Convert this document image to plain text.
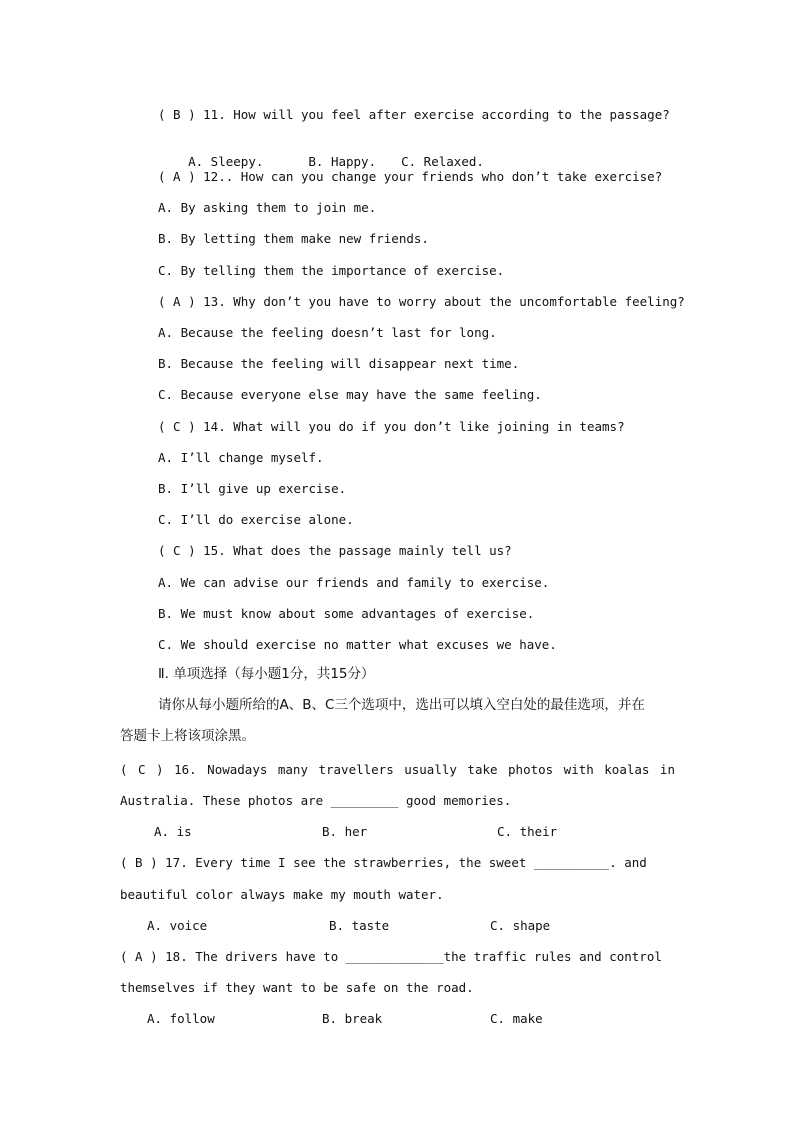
( B ) 11. How will you feel after exercise according to the passage?

A. Sleepy.	B. Happy. C. Relaxed.

( A ) 12.. How can you change your friends who don’t take exercise?
A. By asking them to join me.
B. By letting them make new friends.
C. By telling them the importance of exercise.
( A ) 13. Why don’t you have to worry about the uncomfortable feeling?
A. Because the feeling doesn’t last for long.
B. Because the feeling will disappear next time.
C. Because everyone else may have the same feeling.
( C ) 14. What will you do if you don’t like joining in teams?
A. I’ll change myself.
B. I’ll give up exercise.
C. I’ll do exercise alone.
( C ) 15. What does the passage mainly tell us?
A. We can advise our friends and family to exercise.
B. We must know about some advantages of exercise.
C. We should exercise no matter what excuses we have.
Ⅱ. 单项选择（每小题1分，共15分）
请你从每小题所给的A、B、C三个选项中，选出可以填入空白处的最佳选项，并在
答题卡上将该项涂黑。
( C ) 16. Nowadays many travellers usually take photos with koalas in
Australia. These photos are _________ good memories.
A. is	B. her	C. their
( B ) 17. Every time I see the strawberries, the sweet __________. and
beautiful color always make my mouth water.
A. voice	B. taste	C. shape
( A ) 18. The drivers have to _____________the traffic rules and control
themselves if they want to be safe on the road.
A. follow	B. break	C. make
